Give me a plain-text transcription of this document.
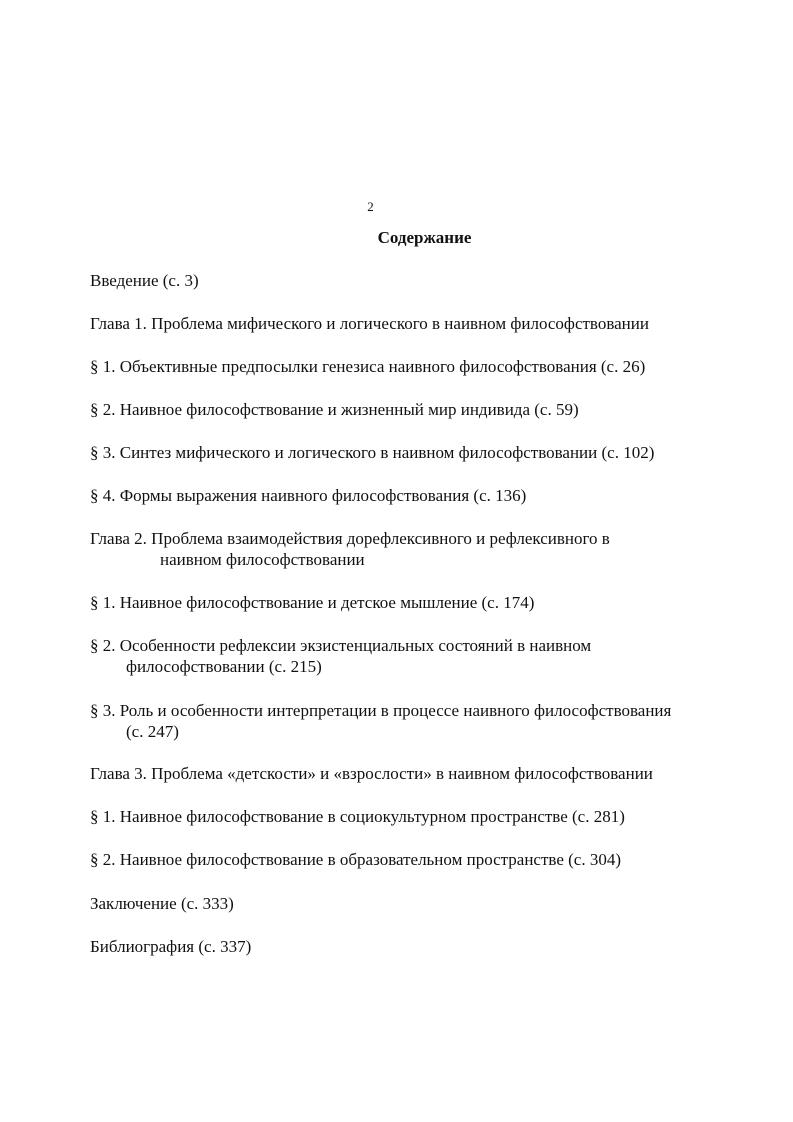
2
Содержание
Введение (с. 3)
Глава 1. Проблема мифического и логического в наивном философствовании
§ 1. Объективные предпосылки генезиса наивного философствования (с. 26)
§ 2. Наивное философствование и жизненный мир индивида (с. 59)
§ 3. Синтез мифического и логического в наивном философствовании (с. 102)
§ 4. Формы выражения наивного философствования (с. 136)
Глава 2. Проблема взаимодействия дорефлексивного и рефлексивного в
наивном философствовании
§ 1. Наивное философствование и детское мышление (с. 174)
§ 2. Особенности рефлексии экзистенциальных состояний в наивном
философствовании (с. 215)
§ 3. Роль и особенности интерпретации в процессе наивного философствования
(с. 247)
Глава 3. Проблема «детскости» и «взрослости» в наивном философствовании
§ 1. Наивное философствование в социокультурном пространстве (с. 281)
§ 2. Наивное философствование в образовательном пространстве (с. 304)
Заключение (с. 333)
Библиография (с. 337)
